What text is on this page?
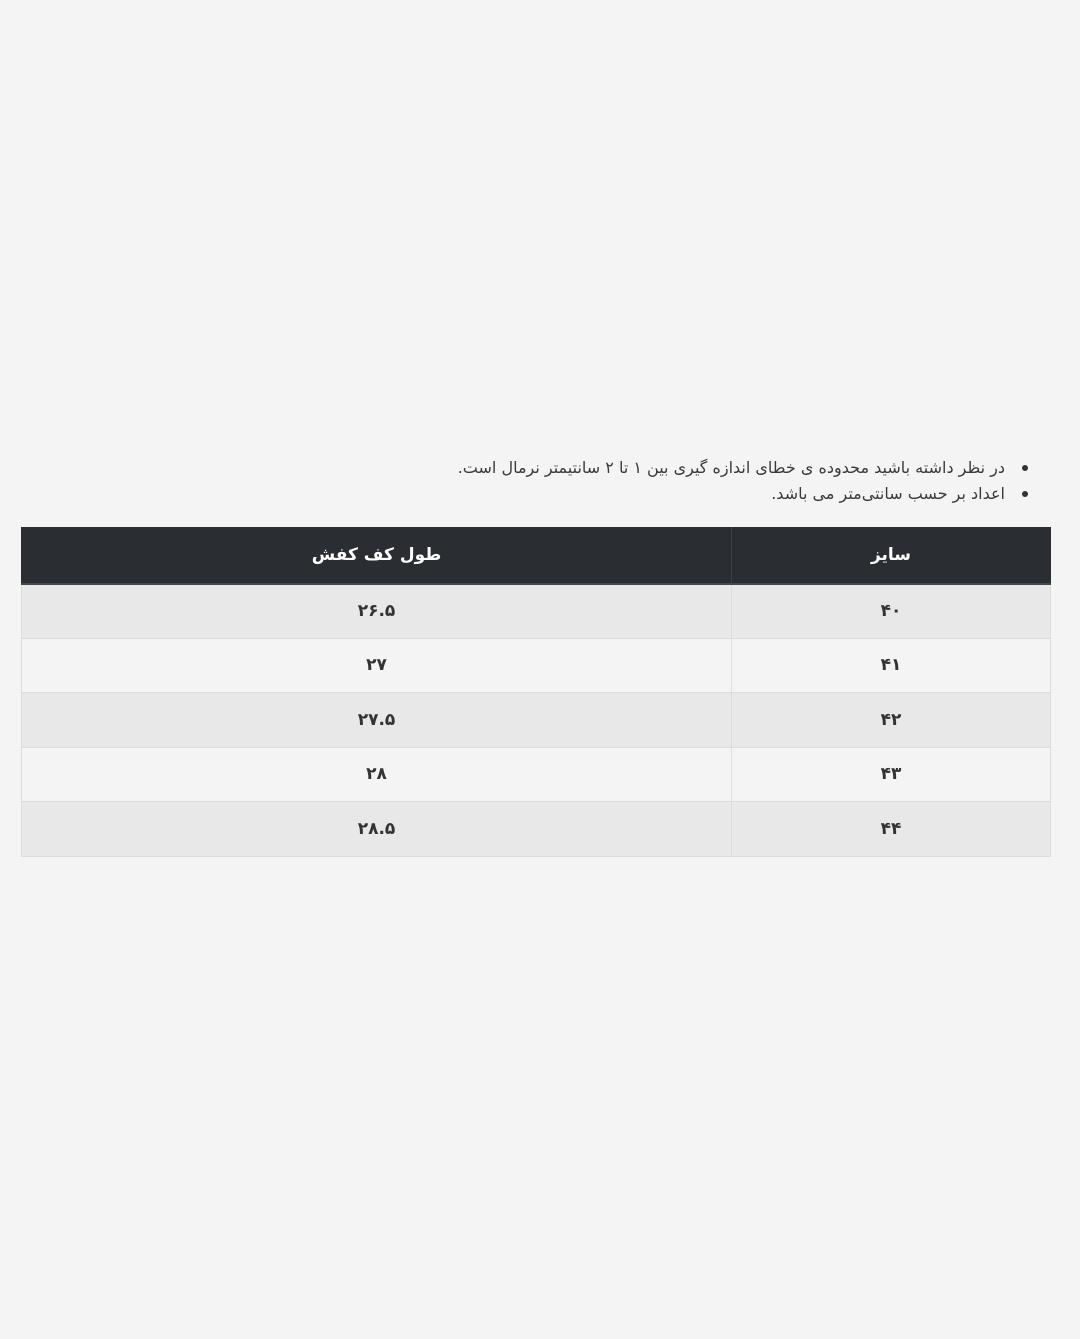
در نظر داشته باشید محدوده ی خطای اندازه گیری بین ۱ تا ۲ سانتیمتر نرمال است.
اعداد بر حسب سانتی‌متر می باشد.
سایز	طول کف کفش
۴۰	۲۶.۵
۴۱	۲۷
۴۲	۲۷.۵
۴۳	۲۸
۴۴	۲۸.۵
